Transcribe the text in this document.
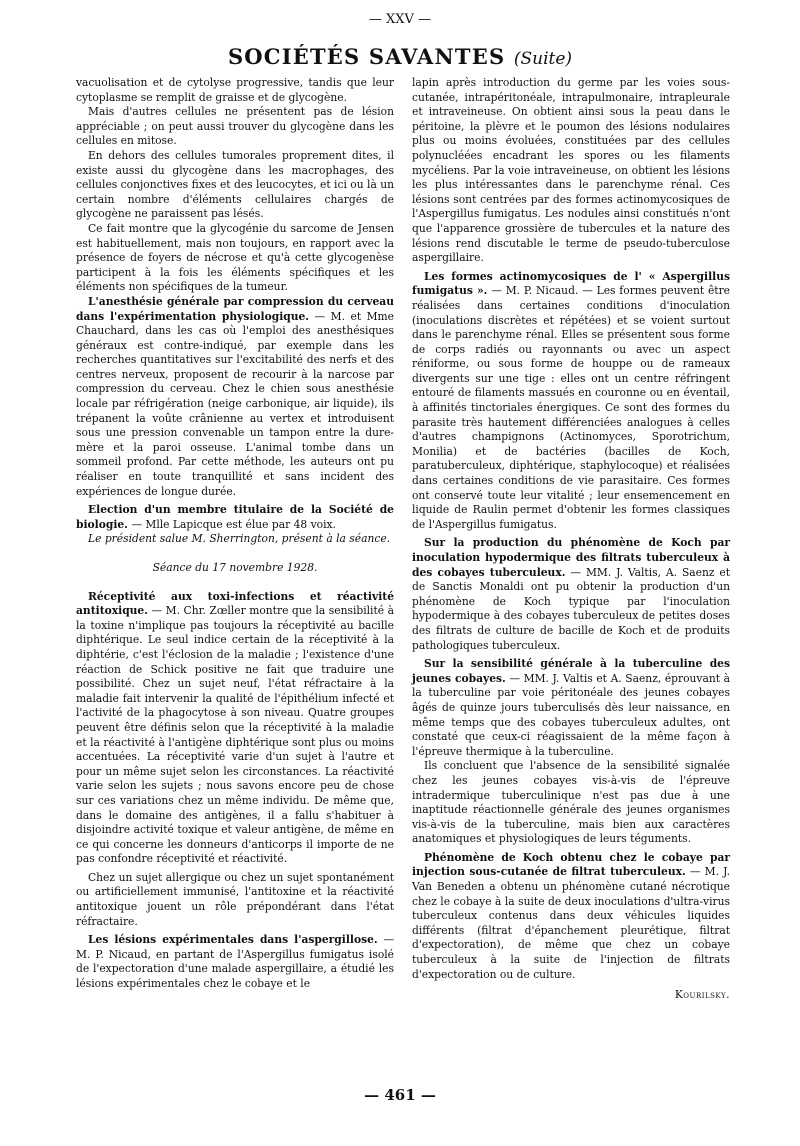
— XXV —
SOCIÉTÉS SAVANTES (Suite)

vacuolisation et de cytolyse progressive, tandis que leur cytoplasme se remplit de graisse et de glycogène.

Mais d'autres cellules ne présentent pas de lésion appréciable ; on peut aussi trouver du glycogène dans les cellules en mitose.

En dehors des cellules tumorales proprement dites, il existe aussi du glycogène dans les macrophages, des cellules conjonctives fixes et des leucocytes, et ici ou là un certain nombre d'éléments cellulaires chargés de glycogène ne paraissent pas lésés.

Ce fait montre que la glycogénie du sarcome de Jensen est habituellement, mais non toujours, en rapport avec la présence de foyers de nécrose et qu'à cette glycogenèse participent à la fois les éléments spécifiques et les éléments non spécifiques de la tumeur.

L'anesthésie générale par compression du cerveau dans l'expérimentation physiologique. — M. et Mme Chauchard, dans les cas où l'emploi des anesthésiques généraux est contre-indiqué, par exemple dans les recherches quantitatives sur l'excitabilité des nerfs et des centres nerveux, proposent de recourir à la narcose par compression du cerveau. Chez le chien sous anesthésie locale par réfrigération (neige carbonique, air liquide), ils trépanent la voûte crânienne au vertex et introduisent sous une pression convenable un tampon entre la dure-mère et la paroi osseuse. L'animal tombe dans un sommeil profond. Par cette méthode, les auteurs ont pu réaliser en toute tranquillité et sans incident des expériences de longue durée.

Election d'un membre titulaire de la Société de biologie. — Mlle Lapicque est élue par 48 voix.

Le président salue M. Sherrington, présent à la séance.

Séance du 17 novembre 1928.

Réceptivité aux toxi-infections et réactivité antitoxique. — M. Chr. Zœller montre que la sensibilité à la toxine n'implique pas toujours la réceptivité au bacille diphtérique. Le seul indice certain de la réceptivité à la diphtérie, c'est l'éclosion de la maladie ; l'existence d'une réaction de Schick positive ne fait que traduire une possibilité. Chez un sujet neuf, l'état réfractaire à la maladie fait intervenir la qualité de l'épithélium infecté et l'activité de la phagocytose à son niveau. Quatre groupes peuvent être définis selon que la réceptivité à la maladie et la réactivité à l'antigène diphtérique sont plus ou moins accentuées. La réceptivité varie d'un sujet à l'autre et pour un même sujet selon les circonstances. La réactivité varie selon les sujets ; nous savons encore peu de chose sur ces variations chez un même individu. De même que, dans le domaine des antigènes, il a fallu s'habituer à disjoindre activité toxique et valeur antigène, de même en ce qui concerne les donneurs d'anticorps il importe de ne pas confondre réceptivité et réactivité.

Chez un sujet allergique ou chez un sujet spontanément ou artificiellement immunisé, l'antitoxine et la réactivité antitoxique jouent un rôle prépondérant dans l'état réfractaire.

Les lésions expérimentales dans l'aspergillose. — M. P. Nicaud, en partant de l'Aspergillus fumigatus isolé de l'expectoration d'une malade aspergillaire, a étudié les lésions expérimentales chez le cobaye et le

lapin après introduction du germe par les voies sous-cutanée, intrapéritonéale, intrapulmonaire, intrapleurale et intraveineuse. On obtient ainsi sous la peau dans le péritoine, la plèvre et le poumon des lésions nodulaires plus ou moins évoluées, constituées par des cellules polynucléées encadrant les spores ou les filaments mycéliens. Par la voie intraveineuse, on obtient les lésions les plus intéressantes dans le parenchyme rénal. Ces lésions sont centrées par des formes actinomycosiques de l'Aspergillus fumigatus. Les nodules ainsi constitués n'ont que l'apparence grossière de tubercules et la nature des lésions rend discutable le terme de pseudo-tuberculose aspergillaire.

Les formes actinomycosiques de l' « Aspergillus fumigatus ». — M. P. Nicaud. — Les formes peuvent être réalisées dans certaines conditions d'inoculation (inoculations discrètes et répétées) et se voient surtout dans le parenchyme rénal. Elles se présentent sous forme de corps radiés ou rayonnants ou avec un aspect réniforme, ou sous forme de houppe ou de rameaux divergents sur une tige : elles ont un centre réfringent entouré de filaments massués en couronne ou en éventail, à affinités tinctoriales énergiques. Ce sont des formes du parasite très hautement différenciées analogues à celles d'autres champignons (Actinomyces, Sporotrichum, Monilia) et de bactéries (bacilles de Koch, paratuberculeux, diphtérique, staphylocoque) et réalisées dans certaines conditions de vie parasitaire. Ces formes ont conservé toute leur vitalité ; leur ensemencement en liquide de Raulin permet d'obtenir les formes classiques de l'Aspergillus fumigatus.

Sur la production du phénomène de Koch par inoculation hypodermique des filtrats tuberculeux à des cobayes tuberculeux. — MM. J. Valtis, A. Saenz et de Sanctis Monaldi ont pu obtenir la production d'un phénomène de Koch typique par l'inoculation hypodermique à des cobayes tuberculeux de petites doses des filtrats de culture de bacille de Koch et de produits pathologiques tuberculeux.

Sur la sensibilité générale à la tuberculine des jeunes cobayes. — MM. J. Valtis et A. Saenz, éprouvant à la tuberculine par voie péritonéale des jeunes cobayes âgés de quinze jours tuberculisés dès leur naissance, en même temps que des cobayes tuberculeux adultes, ont constaté que ceux-ci réagissaient de la même façon à l'épreuve thermique à la tuberculine.

Ils concluent que l'absence de la sensibilité signalée chez les jeunes cobayes vis-à-vis de l'épreuve intradermique tuberculinique n'est pas due à une inaptitude réactionnelle générale des jeunes organismes vis-à-vis de la tuberculine, mais bien aux caractères anatomiques et physiologiques de leurs téguments.

Phénomène de Koch obtenu chez le cobaye par injection sous-cutanée de filtrat tuberculeux. — M. J. Van Beneden a obtenu un phénomène cutané nécrotique chez le cobaye à la suite de deux inoculations d'ultra-virus tuberculeux contenus dans deux véhicules liquides différents (filtrat d'épanchement pleurétique, filtrat d'expectoration), de même que chez un cobaye tuberculeux à la suite de l'injection de filtrats d'expectoration ou de culture.

Kourilsky.

— 461 —
